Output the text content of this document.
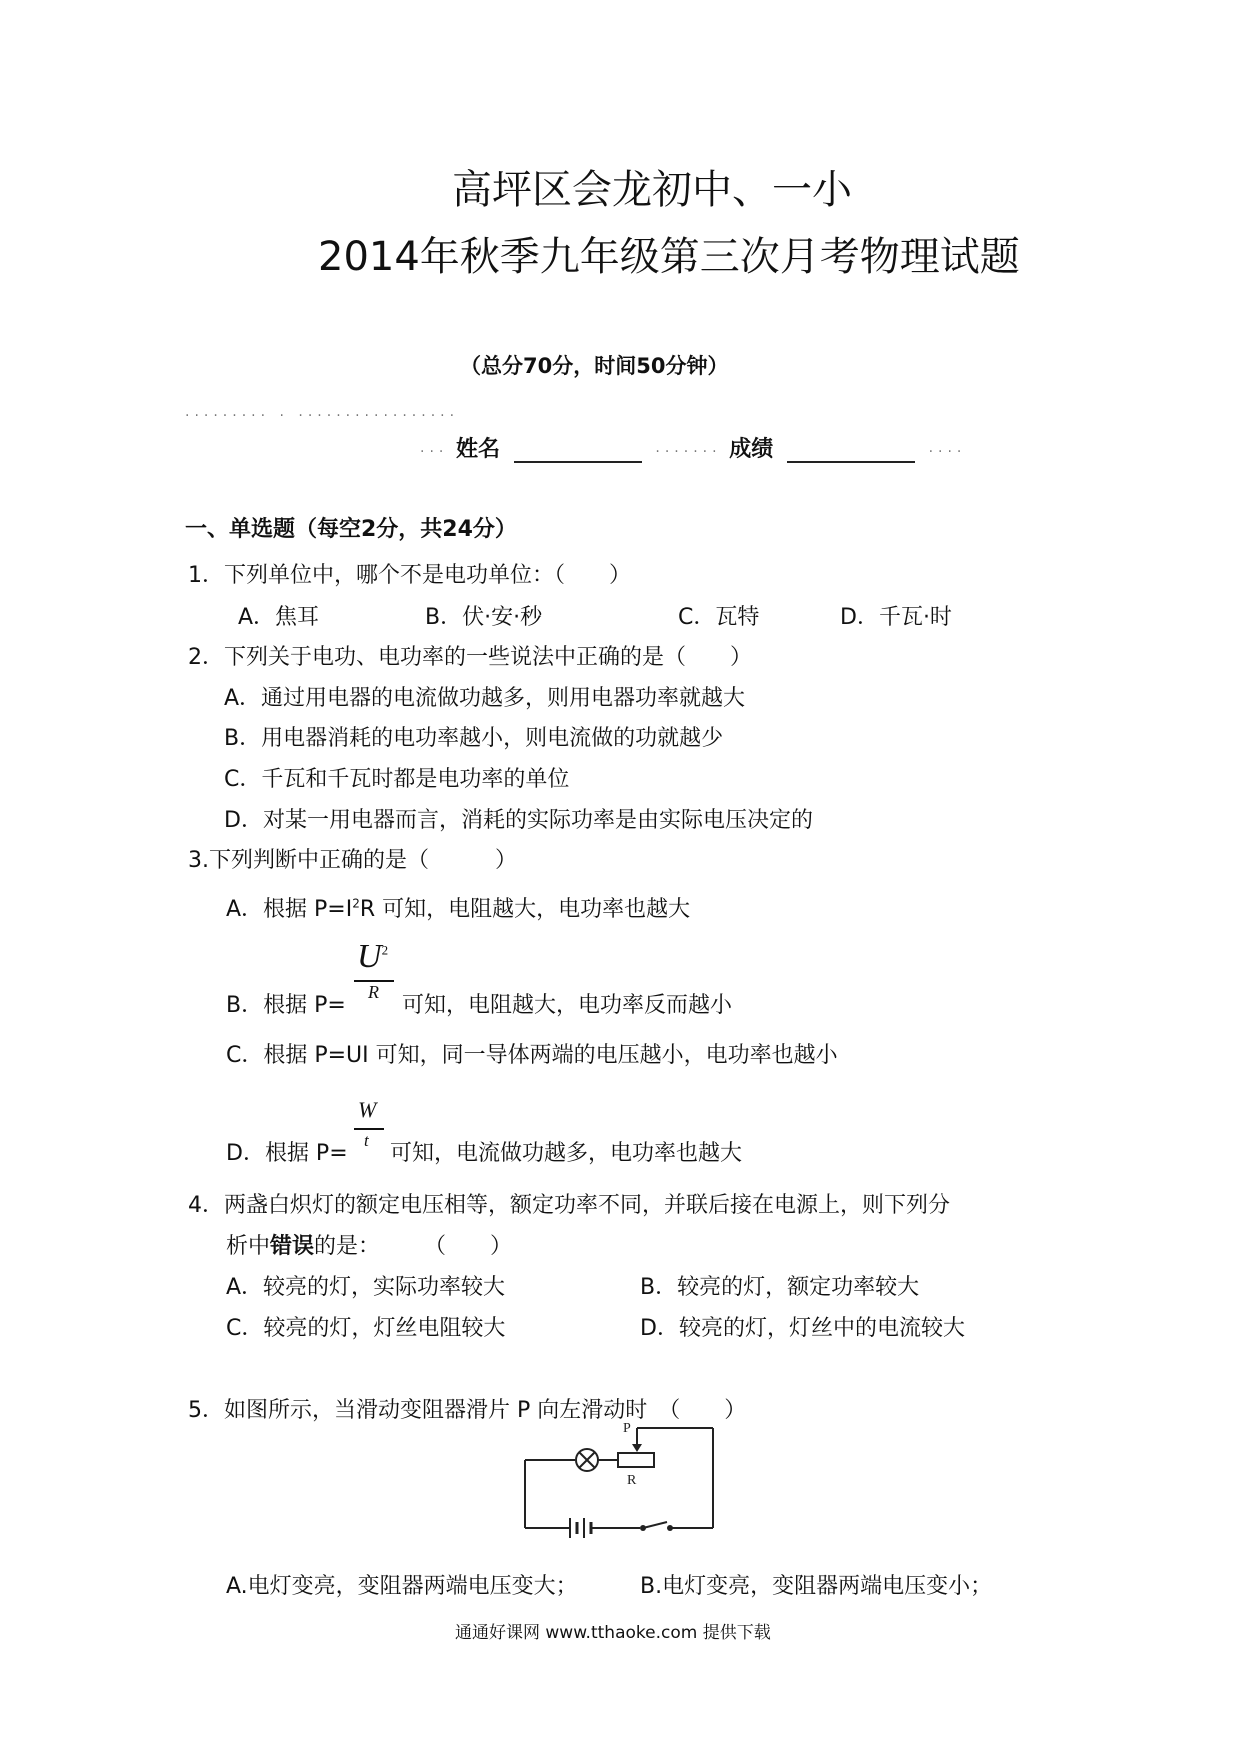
高坪区会龙初中、一小
2014年秋季九年级第三次月考物理试题
（总分70分，时间50分钟）
········· · ·················
··· 姓名	······· 成绩	····
一、单选题（每空2分，共24分）
1．下列单位中，哪个不是电功单位：（　　）
A．焦耳	B．伏·安·秒	C．瓦特	D．千瓦·时
2．下列关于电功、电功率的一些说法中正确的是（　　）
A．通过用电器的电流做功越多，则用电器功率就越大
B．用电器消耗的电功率越小，则电流做的功就越少
C．千瓦和千瓦时都是电功率的单位
D．对某一用电器而言，消耗的实际功率是由实际电压决定的
3.下列判断中正确的是（　　　）
A．根据 $P=I^2R$ 可知，电阻越大，电功率也越大
$U^2$
R
B．根据 P=	可知，电阻越大，电功率反而越小
C．根据 P=UI 可知，同一导体两端的电压越小，电功率也越小
W
t
D．根据 P= 可知，电流做功越多，电功率也越大
4．两盏白炽灯的额定电压相等，额定功率不同，并联后接在电源上，则下列分
析中错误的是：　　　（　　）
A．较亮的灯，实际功率较大	B．较亮的灯，额定功率较大
C．较亮的灯，灯丝电阻较大	D．较亮的灯，灯丝中的电流较大
5．如图所示，当滑动变阻器滑片 P 向左滑动时　（　　）
P
R
A.电灯变亮，变阻器两端电压变大；	B.电灯变亮，变阻器两端电压变小；
通通好课网 www.tthaoke.com 提供下载
